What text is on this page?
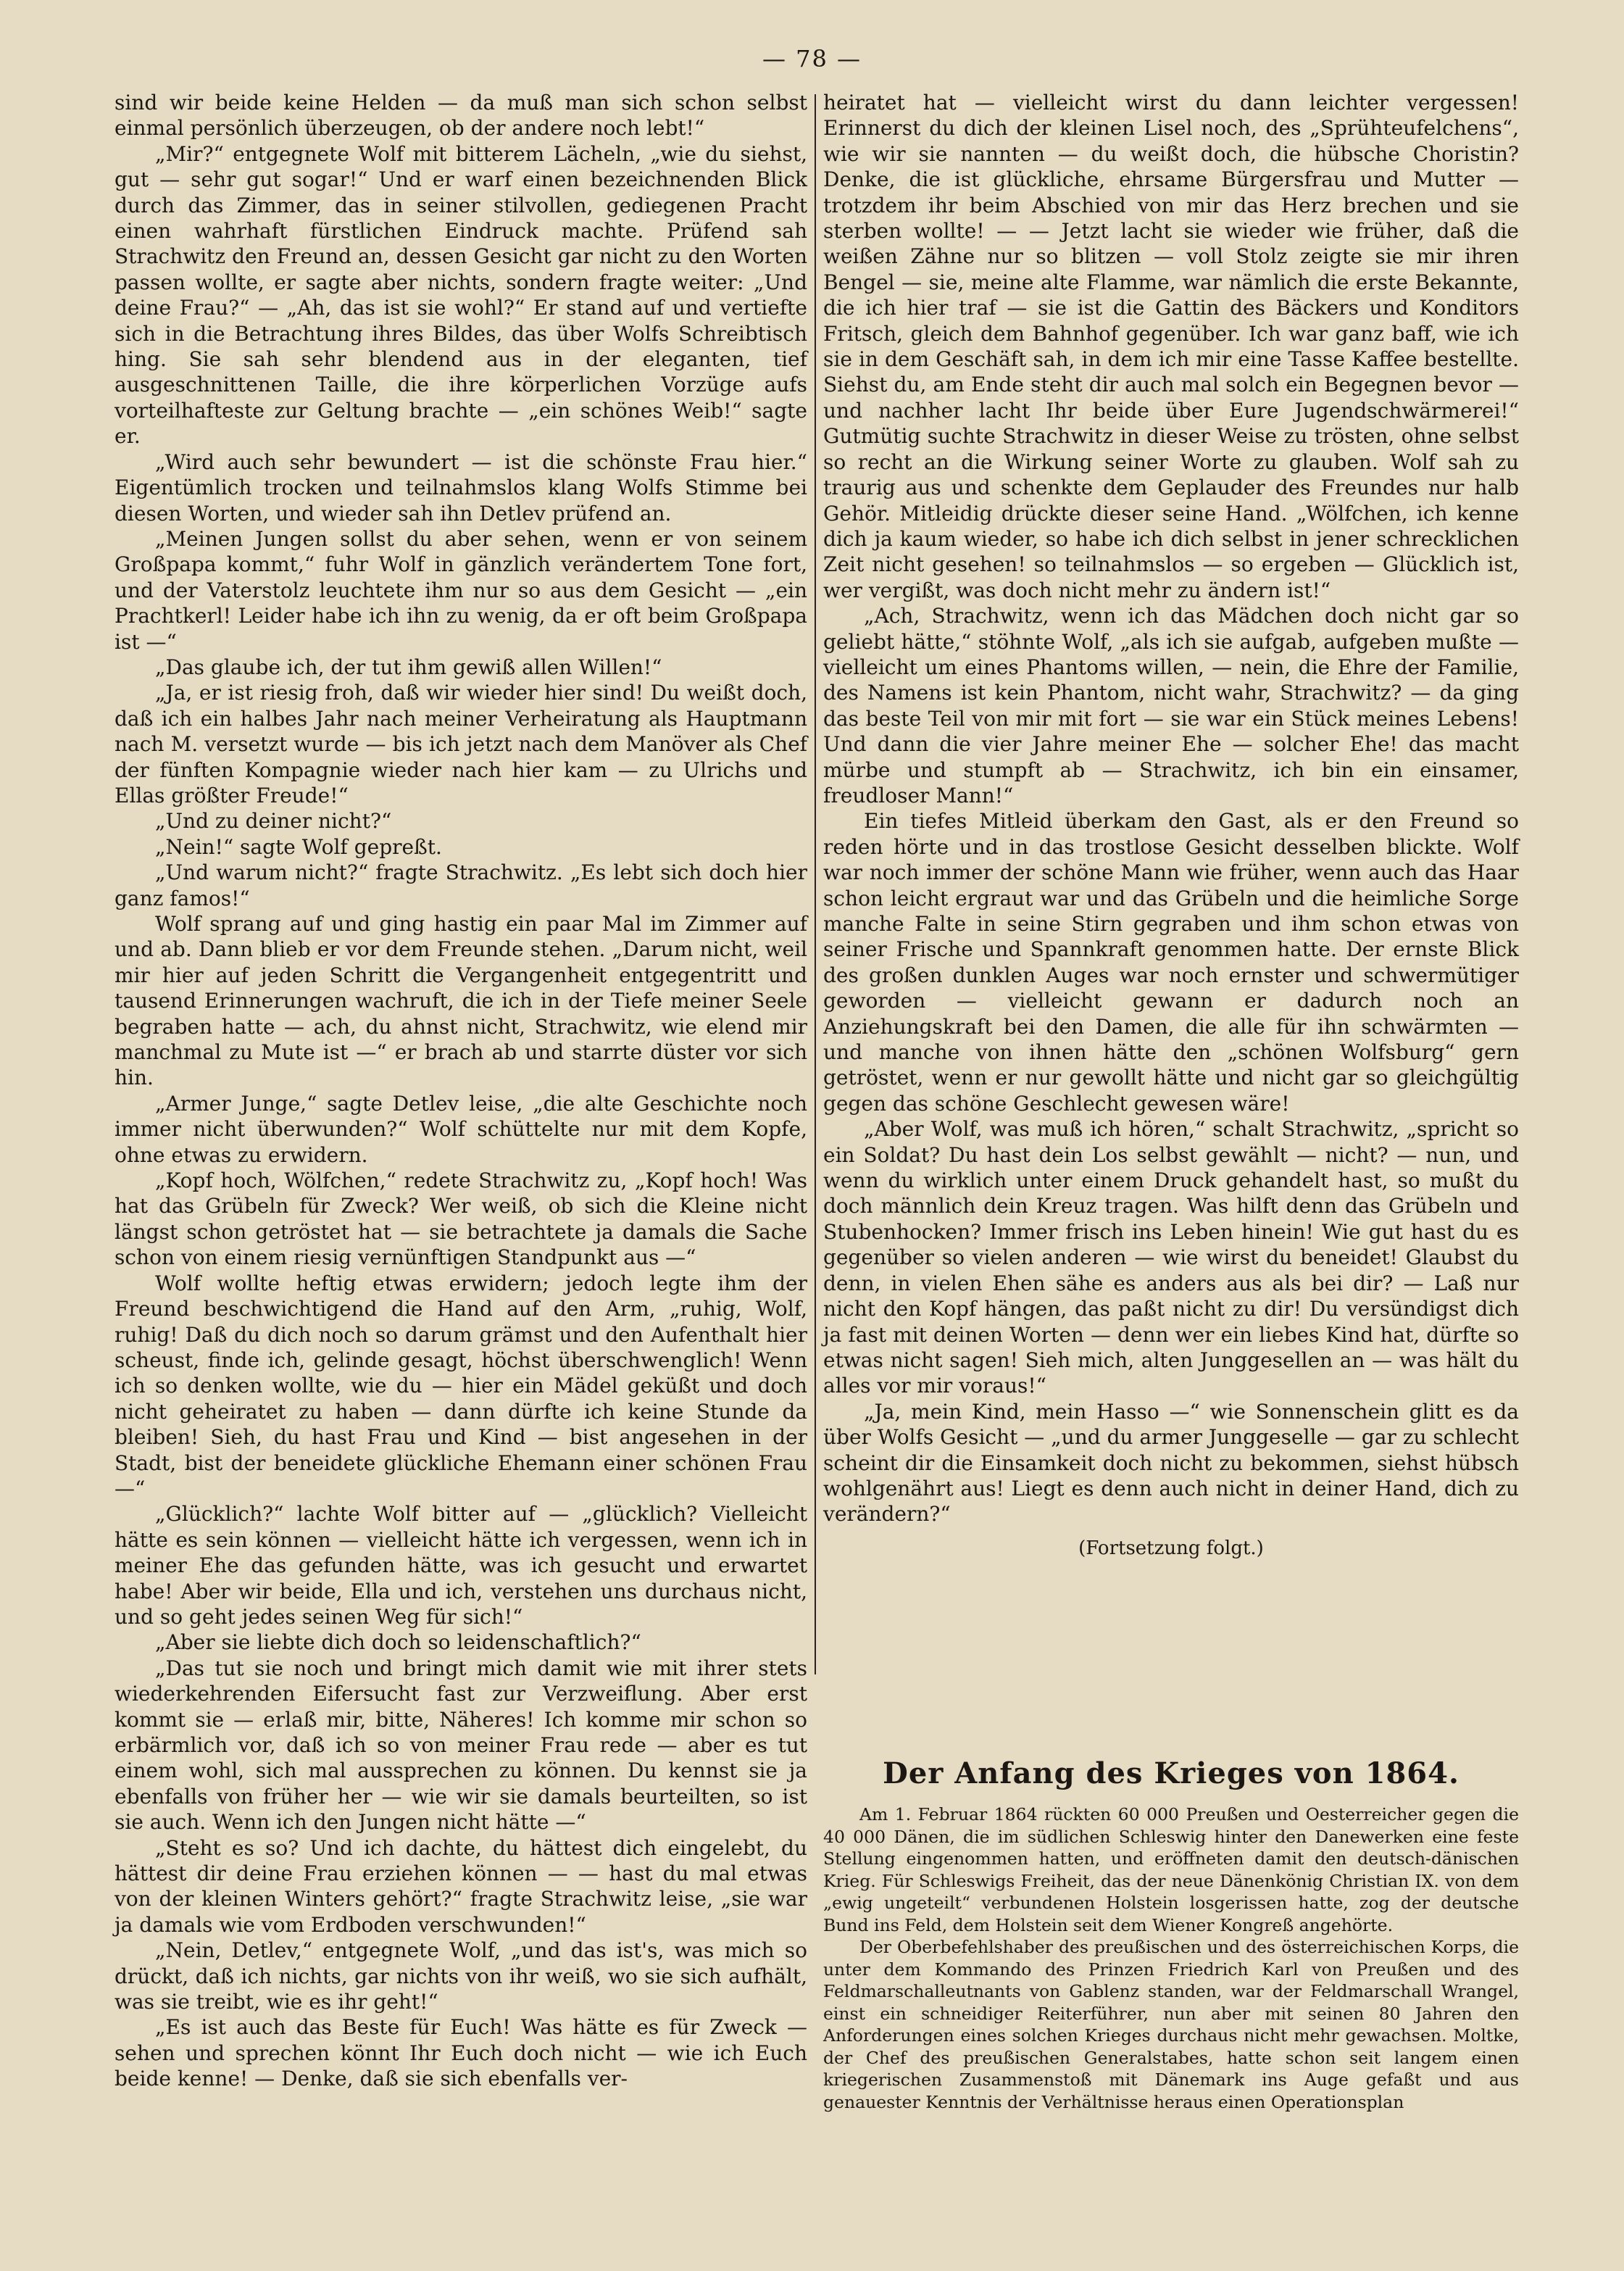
— 78 —

sind wir beide keine Helden — da muß man sich schon selbst einmal persönlich überzeugen, ob der andere noch lebt!“

„Mir?“ entgegnete Wolf mit bitterem Lächeln, „wie du siehst, gut — sehr gut sogar!“ Und er warf einen bezeichnenden Blick durch das Zimmer, das in seiner stilvollen, gediegenen Pracht einen wahrhaft fürstlichen Eindruck machte. Prüfend sah Strachwitz den Freund an, dessen Gesicht gar nicht zu den Worten passen wollte, er sagte aber nichts, sondern fragte weiter: „Und deine Frau?“ — „Ah, das ist sie wohl?“ Er stand auf und vertiefte sich in die Betrachtung ihres Bildes, das über Wolfs Schreibtisch hing. Sie sah sehr blendend aus in der eleganten, tief ausgeschnittenen Taille, die ihre körperlichen Vorzüge aufs vorteilhafteste zur Geltung brachte — „ein schönes Weib!“ sagte er.

„Wird auch sehr bewundert — ist die schönste Frau hier.“ Eigentümlich trocken und teilnahmslos klang Wolfs Stimme bei diesen Worten, und wieder sah ihn Detlev prüfend an.

„Meinen Jungen sollst du aber sehen, wenn er von seinem Großpapa kommt,“ fuhr Wolf in gänzlich verändertem Tone fort, und der Vaterstolz leuchtete ihm nur so aus dem Gesicht — „ein Prachtkerl! Leider habe ich ihn zu wenig, da er oft beim Großpapa ist —“

„Das glaube ich, der tut ihm gewiß allen Willen!“

„Ja, er ist riesig froh, daß wir wieder hier sind! Du weißt doch, daß ich ein halbes Jahr nach meiner Verheiratung als Hauptmann nach M. versetzt wurde — bis ich jetzt nach dem Manöver als Chef der fünften Kompagnie wieder nach hier kam — zu Ulrichs und Ellas größter Freude!“

„Und zu deiner nicht?“

„Nein!“ sagte Wolf gepreßt.

„Und warum nicht?“ fragte Strachwitz. „Es lebt sich doch hier ganz famos!“

Wolf sprang auf und ging hastig ein paar Mal im Zimmer auf und ab. Dann blieb er vor dem Freunde stehen. „Darum nicht, weil mir hier auf jeden Schritt die Vergangenheit entgegentritt und tausend Erinnerungen wachruft, die ich in der Tiefe meiner Seele begraben hatte — ach, du ahnst nicht, Strachwitz, wie elend mir manchmal zu Mute ist —“ er brach ab und starrte düster vor sich hin.

„Armer Junge,“ sagte Detlev leise, „die alte Geschichte noch immer nicht überwunden?“ Wolf schüttelte nur mit dem Kopfe, ohne etwas zu erwidern.

„Kopf hoch, Wölfchen,“ redete Strachwitz zu, „Kopf hoch! Was hat das Grübeln für Zweck? Wer weiß, ob sich die Kleine nicht längst schon getröstet hat — sie betrachtete ja damals die Sache schon von einem riesig vernünftigen Standpunkt aus —“

Wolf wollte heftig etwas erwidern; jedoch legte ihm der Freund beschwichtigend die Hand auf den Arm, „ruhig, Wolf, ruhig! Daß du dich noch so darum grämst und den Aufenthalt hier scheust, finde ich, gelinde gesagt, höchst überschwenglich! Wenn ich so denken wollte, wie du — hier ein Mädel geküßt und doch nicht geheiratet zu haben — dann dürfte ich keine Stunde da bleiben! Sieh, du hast Frau und Kind — bist angesehen in der Stadt, bist der beneidete glückliche Ehemann einer schönen Frau —“

„Glücklich?“ lachte Wolf bitter auf — „glücklich? Vielleicht hätte es sein können — vielleicht hätte ich vergessen, wenn ich in meiner Ehe das gefunden hätte, was ich gesucht und erwartet habe! Aber wir beide, Ella und ich, verstehen uns durchaus nicht, und so geht jedes seinen Weg für sich!“

„Aber sie liebte dich doch so leidenschaftlich?“

„Das tut sie noch und bringt mich damit wie mit ihrer stets wiederkehrenden Eifersucht fast zur Verzweiflung. Aber erst kommt sie — erlaß mir, bitte, Näheres! Ich komme mir schon so erbärmlich vor, daß ich so von meiner Frau rede — aber es tut einem wohl, sich mal aussprechen zu können. Du kennst sie ja ebenfalls von früher her — wie wir sie damals beurteilten, so ist sie auch. Wenn ich den Jungen nicht hätte —“

„Steht es so? Und ich dachte, du hättest dich eingelebt, du hättest dir deine Frau erziehen können — — hast du mal etwas von der kleinen Winters gehört?“ fragte Strachwitz leise, „sie war ja damals wie vom Erdboden verschwunden!“

„Nein, Detlev,“ entgegnete Wolf, „und das ist's, was mich so drückt, daß ich nichts, gar nichts von ihr weiß, wo sie sich aufhält, was sie treibt, wie es ihr geht!“

„Es ist auch das Beste für Euch! Was hätte es für Zweck — sehen und sprechen könnt Ihr Euch doch nicht — wie ich Euch beide kenne! — Denke, daß sie sich ebenfalls ver-

heiratet hat — vielleicht wirst du dann leichter vergessen! Erinnerst du dich der kleinen Lisel noch, des „Sprühteufelchens“, wie wir sie nannten — du weißt doch, die hübsche Choristin? Denke, die ist glückliche, ehrsame Bürgersfrau und Mutter — trotzdem ihr beim Abschied von mir das Herz brechen und sie sterben wollte! — — Jetzt lacht sie wieder wie früher, daß die weißen Zähne nur so blitzen — voll Stolz zeigte sie mir ihren Bengel — sie, meine alte Flamme, war nämlich die erste Bekannte, die ich hier traf — sie ist die Gattin des Bäckers und Konditors Fritsch, gleich dem Bahnhof gegenüber. Ich war ganz baff, wie ich sie in dem Geschäft sah, in dem ich mir eine Tasse Kaffee bestellte. Siehst du, am Ende steht dir auch mal solch ein Begegnen bevor — und nachher lacht Ihr beide über Eure Jugendschwärmerei!“ Gutmütig suchte Strachwitz in dieser Weise zu trösten, ohne selbst so recht an die Wirkung seiner Worte zu glauben. Wolf sah zu traurig aus und schenkte dem Geplauder des Freundes nur halb Gehör. Mitleidig drückte dieser seine Hand. „Wölfchen, ich kenne dich ja kaum wieder, so habe ich dich selbst in jener schrecklichen Zeit nicht gesehen! so teilnahmslos — so ergeben — Glücklich ist, wer vergißt, was doch nicht mehr zu ändern ist!“

„Ach, Strachwitz, wenn ich das Mädchen doch nicht gar so geliebt hätte,“ stöhnte Wolf, „als ich sie aufgab, aufgeben mußte — vielleicht um eines Phantoms willen, — nein, die Ehre der Familie, des Namens ist kein Phantom, nicht wahr, Strachwitz? — da ging das beste Teil von mir mit fort — sie war ein Stück meines Lebens! Und dann die vier Jahre meiner Ehe — solcher Ehe! das macht mürbe und stumpft ab — Strachwitz, ich bin ein einsamer, freudloser Mann!“

Ein tiefes Mitleid überkam den Gast, als er den Freund so reden hörte und in das trostlose Gesicht desselben blickte. Wolf war noch immer der schöne Mann wie früher, wenn auch das Haar schon leicht ergraut war und das Grübeln und die heimliche Sorge manche Falte in seine Stirn gegraben und ihm schon etwas von seiner Frische und Spannkraft genommen hatte. Der ernste Blick des großen dunklen Auges war noch ernster und schwermütiger geworden — vielleicht gewann er dadurch noch an Anziehungskraft bei den Damen, die alle für ihn schwärmten — und manche von ihnen hätte den „schönen Wolfsburg“ gern getröstet, wenn er nur gewollt hätte und nicht gar so gleichgültig gegen das schöne Geschlecht gewesen wäre!

„Aber Wolf, was muß ich hören,“ schalt Strachwitz, „spricht so ein Soldat? Du hast dein Los selbst gewählt — nicht? — nun, und wenn du wirklich unter einem Druck gehandelt hast, so mußt du doch männlich dein Kreuz tragen. Was hilft denn das Grübeln und Stubenhocken? Immer frisch ins Leben hinein! Wie gut hast du es gegenüber so vielen anderen — wie wirst du beneidet! Glaubst du denn, in vielen Ehen sähe es anders aus als bei dir? — Laß nur nicht den Kopf hängen, das paßt nicht zu dir! Du versündigst dich ja fast mit deinen Worten — denn wer ein liebes Kind hat, dürfte so etwas nicht sagen! Sieh mich, alten Junggesellen an — was hält du alles vor mir voraus!“

„Ja, mein Kind, mein Hasso —“ wie Sonnenschein glitt es da über Wolfs Gesicht — „und du armer Junggeselle — gar zu schlecht scheint dir die Einsamkeit doch nicht zu bekommen, siehst hübsch wohlgenährt aus! Liegt es denn auch nicht in deiner Hand, dich zu verändern?“

(Fortsetzung folgt.)

Der Anfang des Krieges von 1864.

Am 1. Februar 1864 rückten 60 000 Preußen und Oesterreicher gegen die 40 000 Dänen, die im südlichen Schleswig hinter den Danewerken eine feste Stellung eingenommen hatten, und eröffneten damit den deutsch-dänischen Krieg. Für Schleswigs Freiheit, das der neue Dänenkönig Christian IX. von dem „ewig ungeteilt“ verbundenen Holstein losgerissen hatte, zog der deutsche Bund ins Feld, dem Holstein seit dem Wiener Kongreß angehörte.

Der Oberbefehlshaber des preußischen und des österreichischen Korps, die unter dem Kommando des Prinzen Friedrich Karl von Preußen und des Feldmarschalleutnants von Gablenz standen, war der Feldmarschall Wrangel, einst ein schneidiger Reiterführer, nun aber mit seinen 80 Jahren den Anforderungen eines solchen Krieges durchaus nicht mehr gewachsen. Moltke, der Chef des preußischen Generalstabes, hatte schon seit langem einen kriegerischen Zusammenstoß mit Dänemark ins Auge gefaßt und aus genauester Kenntnis der Verhältnisse heraus einen Operationsplan
